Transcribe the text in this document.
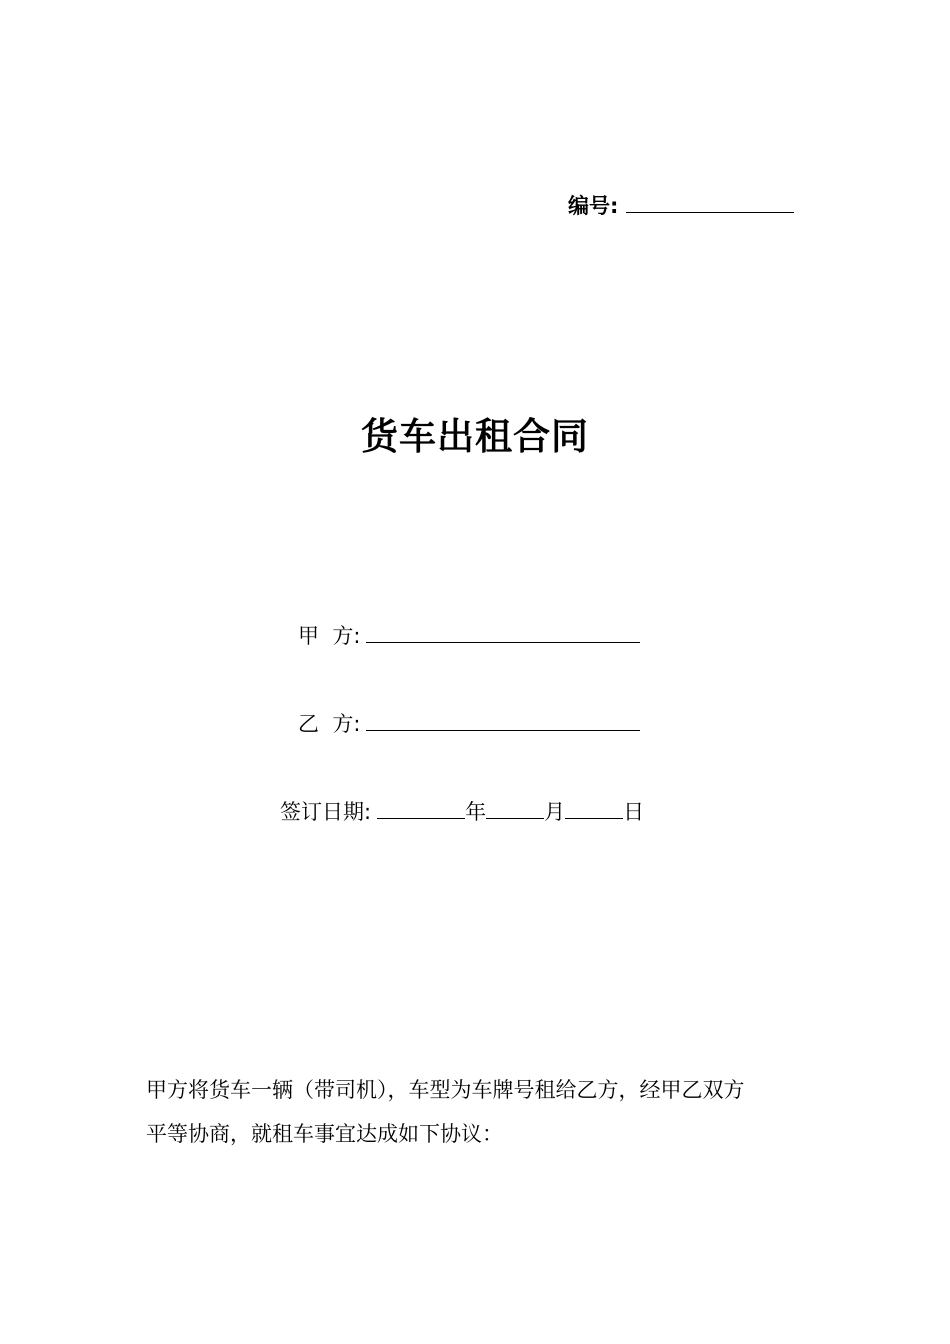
编号:
货车出租合同
甲  方:
乙  方:
签订日期:	年	月	日

甲方将货车一辆（带司机），车型为车牌号租给乙方，经甲乙双方

平等协商，就租车事宜达成如下协议：
